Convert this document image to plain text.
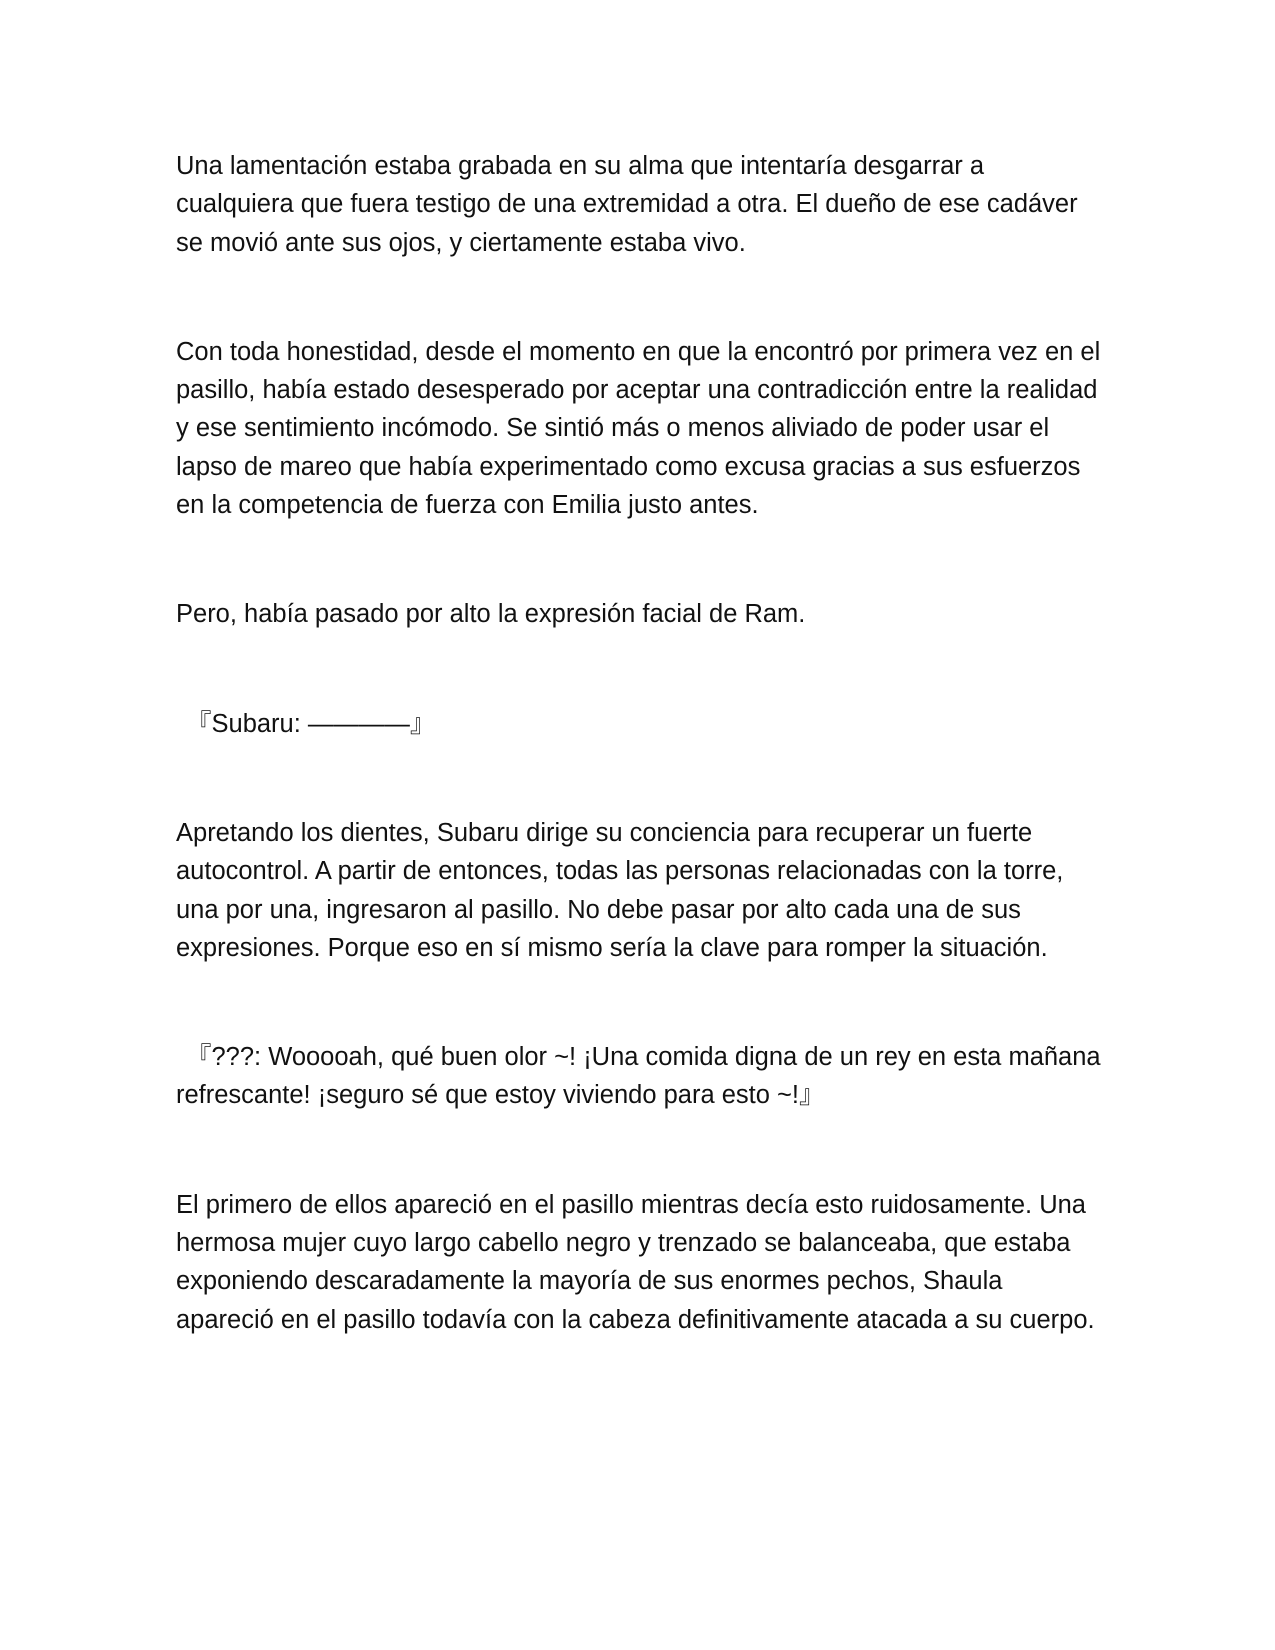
Una lamentación estaba grabada en su alma que intentaría desgarrar a cualquiera que fuera testigo de una extremidad a otra. El dueño de ese cadáver se movió ante sus ojos, y ciertamente estaba vivo.

Con toda honestidad, desde el momento en que la encontró por primera vez en el pasillo, había estado desesperado por aceptar una contradicción entre la realidad y ese sentimiento incómodo. Se sintió más o menos aliviado de poder usar el lapso de mareo que había experimentado como excusa gracias a sus esfuerzos en la competencia de fuerza con Emilia justo antes.

Pero, había pasado por alto la expresión facial de Ram.

『Subaru: ————』

Apretando los dientes, Subaru dirige su conciencia para recuperar un fuerte autocontrol. A partir de entonces, todas las personas relacionadas con la torre, una por una, ingresaron al pasillo. No debe pasar por alto cada una de sus expresiones. Porque eso en sí mismo sería la clave para romper la situación.

『???: Wooooah, qué buen olor ~! ¡Una comida digna de un rey en esta mañana refrescante! ¡seguro sé que estoy viviendo para esto ~!』

El primero de ellos apareció en el pasillo mientras decía esto ruidosamente. Una hermosa mujer cuyo largo cabello negro y trenzado se balanceaba, que estaba exponiendo descaradamente la mayoría de sus enormes pechos, Shaula apareció en el pasillo todavía con la cabeza definitivamente atacada a su cuerpo.
